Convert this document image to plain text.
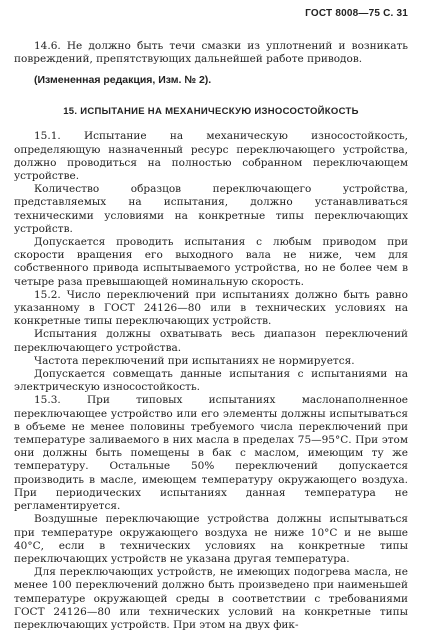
ГОСТ 8008—75 С. 31

14.6. Не должно быть течи смазки из уплотнений и возникать повреждений, препятствующих дальнейшей работе приводов.

(Измененная редакция, Изм. № 2).
15. ИСПЫТАНИЕ НА МЕХАНИЧЕСКУЮ ИЗНОСОСТОЙКОСТЬ

15.1. Испытание на механическую износостойкость, определяющую назначенный ресурс переключающего устройства, должно проводиться на полностью собранном переключающем устройстве.

Количество образцов переключающего устройства, представляемых на испытания, должно устанавливаться техническими условиями на конкретные типы переключающих устройств.

Допускается проводить испытания с любым приводом при скорости вращения его выходного вала не ниже, чем для собственного привода испытываемого устройства, но не более чем в четыре раза превышающей номинальную скорость.

15.2. Число переключений при испытаниях должно быть равно указанному в ГОСТ 24126—80 или в технических условиях на конкретные типы переключающих устройств.

Испытания должны охватывать весь диапазон переключений переключающего устройства.

Частота переключений при испытаниях не нормируется.

Допускается совмещать данные испытания с испытаниями на электрическую износостойкость.

15.3. При типовых испытаниях маслонаполненное переключающее устройство или его элементы должны испытываться в объеме не менее половины требуемого числа переключений при температуре заливаемого в них масла в пределах 75—95°С. При этом они должны быть помещены в бак с маслом, имеющим ту же температуру. Остальные 50% переключений допускается производить в масле, имеющем температуру окружающего воздуха. При периодических испытаниях данная температура не регламентируется.

Воздушные переключающие устройства должны испытываться при температуре окружающего воздуха не ниже 10°С и не выше 40°С, если в технических условиях на конкретные типы переключающих устройств не указана другая температура.

Для переключающих устройств, не имеющих подогрева масла, не менее 100 переключений должно быть произведено при наименьшей температуре окружающей среды в соответствии с требованиями ГОСТ 24126—80 или технических условий на конкретные типы переключающих устройств. При этом на двух фик-
